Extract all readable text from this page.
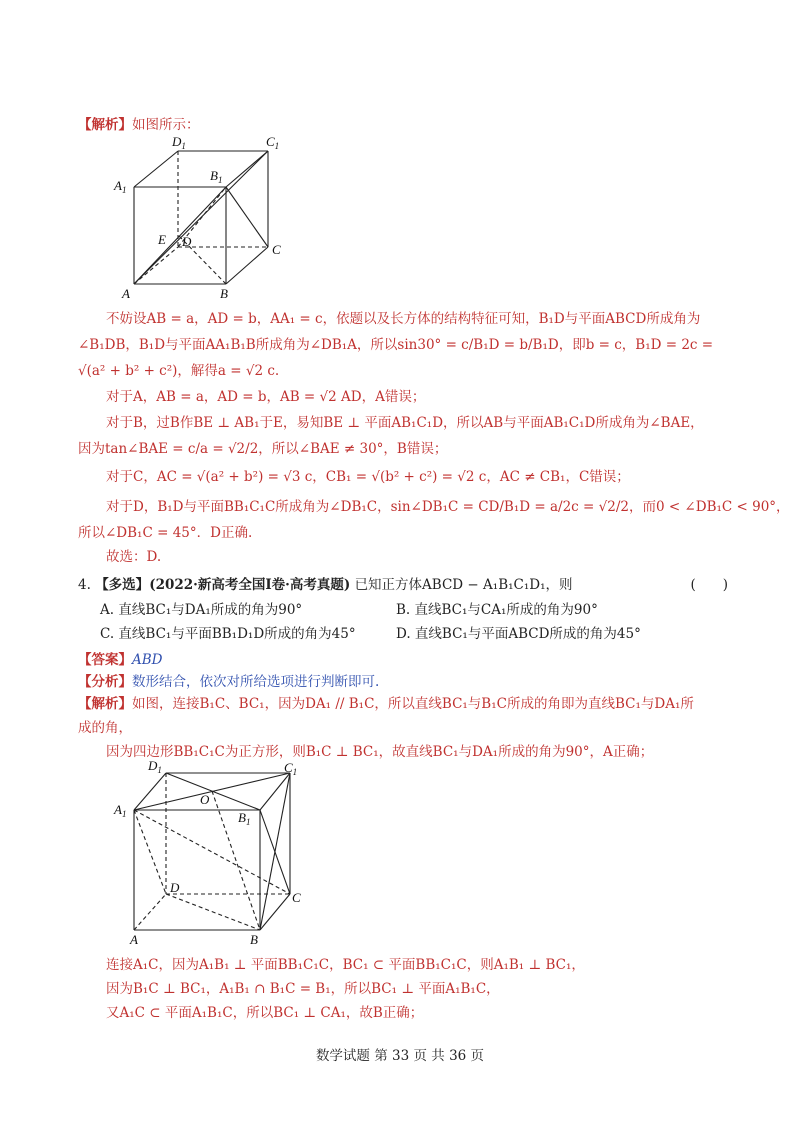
【解析】如图所示：
$A_1$
$D_1$	$C_1$
$B_1$
E D
C
A	B
不妨设AB = a，AD = b，AA₁ = c，依题以及长方体的结构特征可知，B₁D与平面ABCD所成角为
∠B₁DB，B₁D与平面AA₁B₁B所成角为∠DB₁A，所以sin30° = c/B₁D = b/B₁D，即b = c，B₁D = 2c =
√(a² + b² + c²)，解得a = √2 c.
对于A，AB = a，AD = b，AB = √2 AD，A错误；
对于B，过B作BE ⊥ AB₁于E，易知BE ⊥ 平面AB₁C₁D，所以AB与平面AB₁C₁D所成角为∠BAE，
因为tan∠BAE = c/a = √2/2，所以∠BAE ≠ 30°，B错误；
对于C，AC = √(a² + b²) = √3 c，CB₁ = √(b² + c²) = √2 c，AC ≠ CB₁，C错误；
对于D，B₁D与平面BB₁C₁C所成角为∠DB₁C，sin∠DB₁C = CD/B₁D = a/2c = √2/2，而0 < ∠DB₁C < 90°，
所以∠DB₁C = 45°．D正确.
故选：D.
4. 【多选】(2022·新高考全国Ⅰ卷·高考真题) 已知正方体ABCD − A₁B₁C₁D₁，则	(　　)
A. 直线BC₁与DA₁所成的角为90°	B. 直线BC₁与CA₁所成的角为90°
C. 直线BC₁与平面BB₁D₁D所成的角为45°	D. 直线BC₁与平面ABCD所成的角为45°
【答案】ABD
【分析】数形结合，依次对所给选项进行判断即可.
【解析】如图，连接B₁C、BC₁，因为DA₁ // B₁C，所以直线BC₁与B₁C所成的角即为直线BC₁与DA₁所
成的角，
因为四边形BB₁C₁C为正方形，则B₁C ⊥ BC₁，故直线BC₁与DA₁所成的角为90°，A正确；
$A_1$
$D_1$	$C_1$
$B_1$
O
D
C
A	B
连接A₁C，因为A₁B₁ ⊥ 平面BB₁C₁C，BC₁ ⊂ 平面BB₁C₁C，则A₁B₁ ⊥ BC₁，
因为B₁C ⊥ BC₁，A₁B₁ ∩ B₁C = B₁，所以BC₁ ⊥ 平面A₁B₁C，
又A₁C ⊂ 平面A₁B₁C，所以BC₁ ⊥ CA₁，故B正确；
数学试题 第 33 页 共 36 页
